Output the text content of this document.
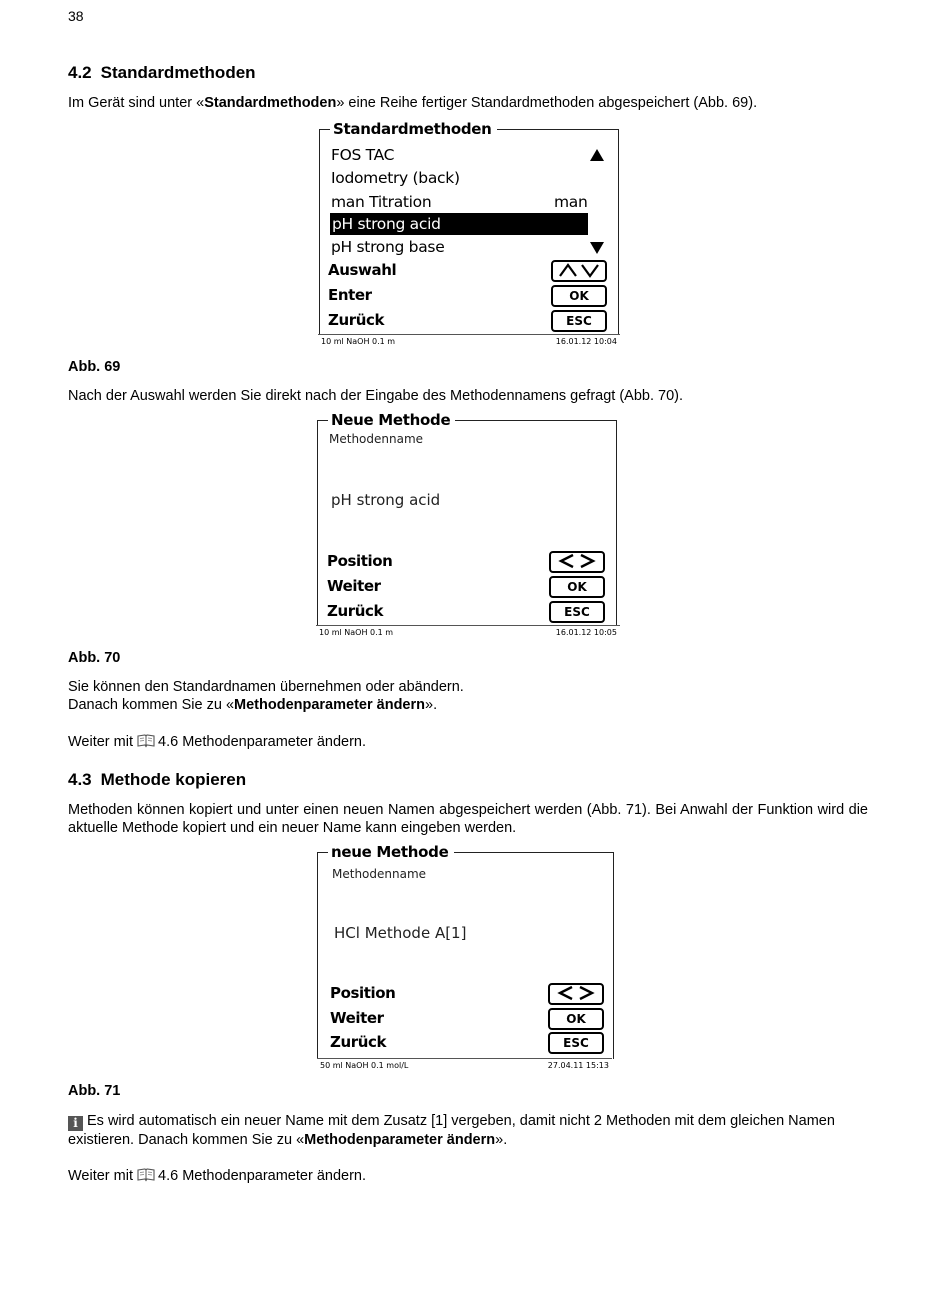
38
4.2 Standardmethoden
Im Gerät sind unter «Standardmethoden» eine Reihe fertiger Standardmethoden abgespeichert (Abb. 69).
Standardmethoden
FOS TAC
Iodometry (back)
man Titration	man
pH strong acid
pH strong base
Auswahl
Enter	OK
Zurück	ESC
10 ml NaOH 0.1 m	16.01.12 10:04
Abb. 69
Nach der Auswahl werden Sie direkt nach der Eingabe des Methodennamens gefragt (Abb. 70).
Neue Methode
Methodenname
pH strong acid
Position
Weiter	OK
Zurück	ESC
10 ml NaOH 0.1 m	16.01.12 10:05
Abb. 70
Sie können den Standardnamen übernehmen oder abändern.
Danach kommen Sie zu «Methodenparameter ändern».
Weiter mit 4.6 Methodenparameter ändern.
4.3 Methode kopieren
Methoden können kopiert und unter einen neuen Namen abgespeichert werden (Abb. 71). Bei Anwahl der Funktion wird die aktuelle Methode kopiert und ein neuer Name kann eingeben werden.
neue Methode
Methodenname
HCl Methode A[1]
Position
Weiter	OK
Zurück	ESC
50 ml NaOH 0.1 mol/L	27.04.11 15:13
Abb. 71
i Es wird automatisch ein neuer Name mit dem Zusatz [1] vergeben, damit nicht 2 Methoden mit dem gleichen Namen existieren. Danach kommen Sie zu «Methodenparameter ändern».
Weiter mit 4.6 Methodenparameter ändern.
